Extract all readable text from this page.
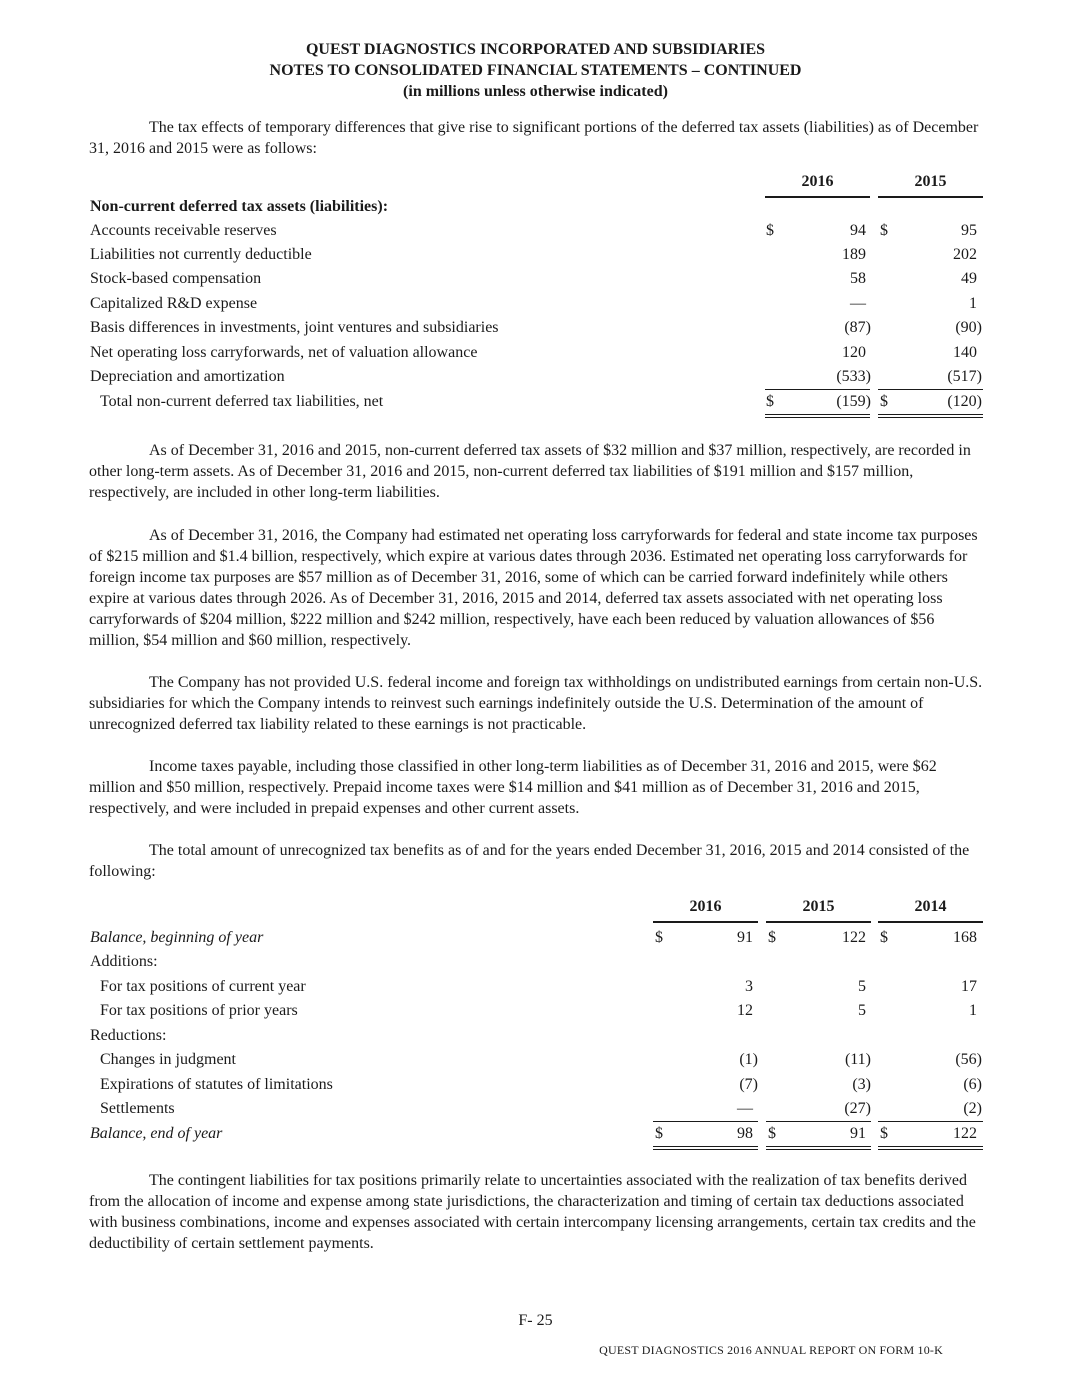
QUEST DIAGNOSTICS INCORPORATED AND SUBSIDIARIES
NOTES TO CONSOLIDATED FINANCIAL STATEMENTS – CONTINUED
(in millions unless otherwise indicated)

The tax effects of temporary differences that give rise to significant portions of the deferred tax assets (liabilities) as of December 31, 2016 and 2015 were as follows:

2016	2015
Non-current deferred tax assets (liabilities):
Accounts receivable reserves	$	94 $	95
Liabilities not currently deductible	189	202
Stock-based compensation	58	49
Capitalized R&D expense	—	1
Basis differences in investments, joint ventures and subsidiaries	(87)	(90)
Net operating loss carryforwards, net of valuation allowance	120	140
Depreciation and amortization	(533)	(517)
Total non-current deferred tax liabilities, net	$	(159) $	(120)

As of December 31, 2016 and 2015, non-current deferred tax assets of $32 million and $37 million, respectively, are recorded in other long-term assets. As of December 31, 2016 and 2015, non-current deferred tax liabilities of $191 million and $157 million, respectively, are included in other long-term liabilities.

As of December 31, 2016, the Company had estimated net operating loss carryforwards for federal and state income tax purposes of $215 million and $1.4 billion, respectively, which expire at various dates through 2036. Estimated net operating loss carryforwards for foreign income tax purposes are $57 million as of December 31, 2016, some of which can be carried forward indefinitely while others expire at various dates through 2026. As of December 31, 2016, 2015 and 2014, deferred tax assets associated with net operating loss carryforwards of $204 million, $222 million and $242 million, respectively, have each been reduced by valuation allowances of $56 million, $54 million and $60 million, respectively.

The Company has not provided U.S. federal income and foreign tax withholdings on undistributed earnings from certain non-U.S. subsidiaries for which the Company intends to reinvest such earnings indefinitely outside the U.S. Determination of the amount of unrecognized deferred tax liability related to these earnings is not practicable.

Income taxes payable, including those classified in other long-term liabilities as of December 31, 2016 and 2015, were $62 million and $50 million, respectively. Prepaid income taxes were $14 million and $41 million as of December 31, 2016 and 2015, respectively, and were included in prepaid expenses and other current assets.

The total amount of unrecognized tax benefits as of and for the years ended December 31, 2016, 2015 and 2014 consisted of the following:

2016	2015	2014
Balance, beginning of year	$	91 $	122 $	168
Additions:
For tax positions of current year	3	5	17
For tax positions of prior years	12	5	1
Reductions:
Changes in judgment	(1)	(11)	(56)
Expirations of statutes of limitations	(7)	(3)	(6)
Settlements	—	(27)	(2)
Balance, end of year	$	98 $	91 $	122

The contingent liabilities for tax positions primarily relate to uncertainties associated with the realization of tax benefits derived from the allocation of income and expense among state jurisdictions, the characterization and timing of certain tax deductions associated with business combinations, income and expenses associated with certain intercompany licensing arrangements, certain tax credits and the deductibility of certain settlement payments.

F- 25
QUEST DIAGNOSTICS 2016 ANNUAL REPORT ON FORM 10-K
